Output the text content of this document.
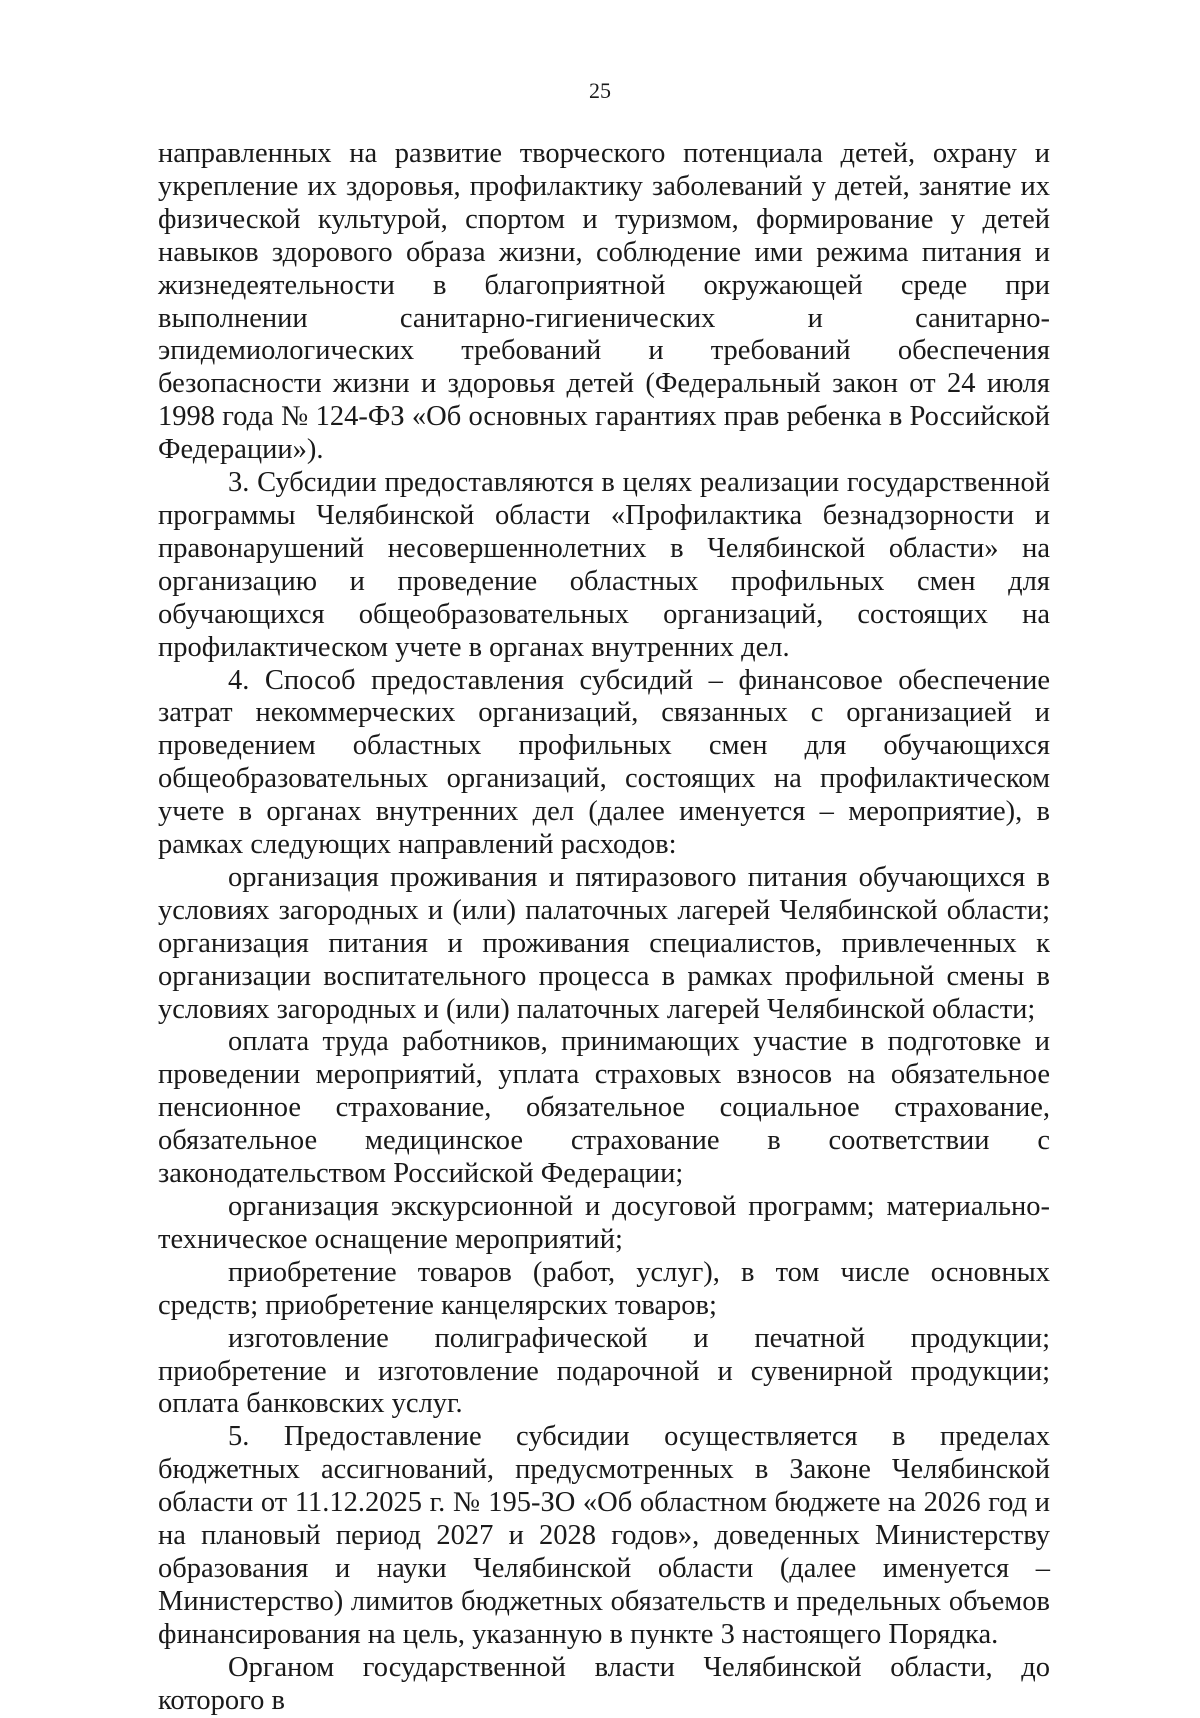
25

направленных на развитие творческого потенциала детей, охрану и укрепление их здоровья, профилактику заболеваний у детей, занятие их физической культурой, спортом и туризмом, формирование у детей навыков здорового образа жизни, соблюдение ими режима питания и жизнедеятельности в благоприятной окружающей среде при выполнении санитарно-гигиенических и санитарно-эпидемиологических требований и требований обеспечения безопасности жизни и здоровья детей (Федеральный закон от 24 июля 1998 года № 124-ФЗ «Об основных гарантиях прав ребенка в Российской Федерации»).

3. Субсидии предоставляются в целях реализации государственной программы Челябинской области «Профилактика безнадзорности и правонарушений несовершеннолетних в Челябинской области» на организацию и проведение областных профильных смен для обучающихся общеобразовательных организаций, состоящих на профилактическом учете в органах внутренних дел.

4. Способ предоставления субсидий – финансовое обеспечение затрат некоммерческих организаций, связанных с организацией и проведением областных профильных смен для обучающихся общеобразовательных организаций, состоящих на профилактическом учете в органах внутренних дел (далее именуется – мероприятие), в рамках следующих направлений расходов:

организация проживания и пятиразового питания обучающихся в условиях загородных и (или) палаточных лагерей Челябинской области; организация питания и проживания специалистов, привлеченных к организации воспитательного процесса в рамках профильной смены в условиях загородных и (или) палаточных лагерей Челябинской области;

оплата труда работников, принимающих участие в подготовке и проведении мероприятий, уплата страховых взносов на обязательное пенсионное страхование, обязательное социальное страхование, обязательное медицинское страхование в соответствии с законодательством Российской Федерации;

организация экскурсионной и досуговой программ; материально-техническое оснащение мероприятий;

приобретение товаров (работ, услуг), в том числе основных средств; приобретение канцелярских товаров;

изготовление полиграфической и печатной продукции; приобретение и изготовление подарочной и сувенирной продукции; оплата банковских услуг.

5. Предоставление субсидии осуществляется в пределах бюджетных ассигнований, предусмотренных в Законе Челябинской области от 11.12.2025 г. № 195-ЗО «Об областном бюджете на 2026 год и на плановый период 2027 и 2028 годов», доведенных Министерству образования и науки Челябинской области (далее именуется – Министерство) лимитов бюджетных обязательств и предельных объемов финансирования на цель, указанную в пункте 3 настоящего Порядка.

Органом государственной власти Челябинской области, до которого в
